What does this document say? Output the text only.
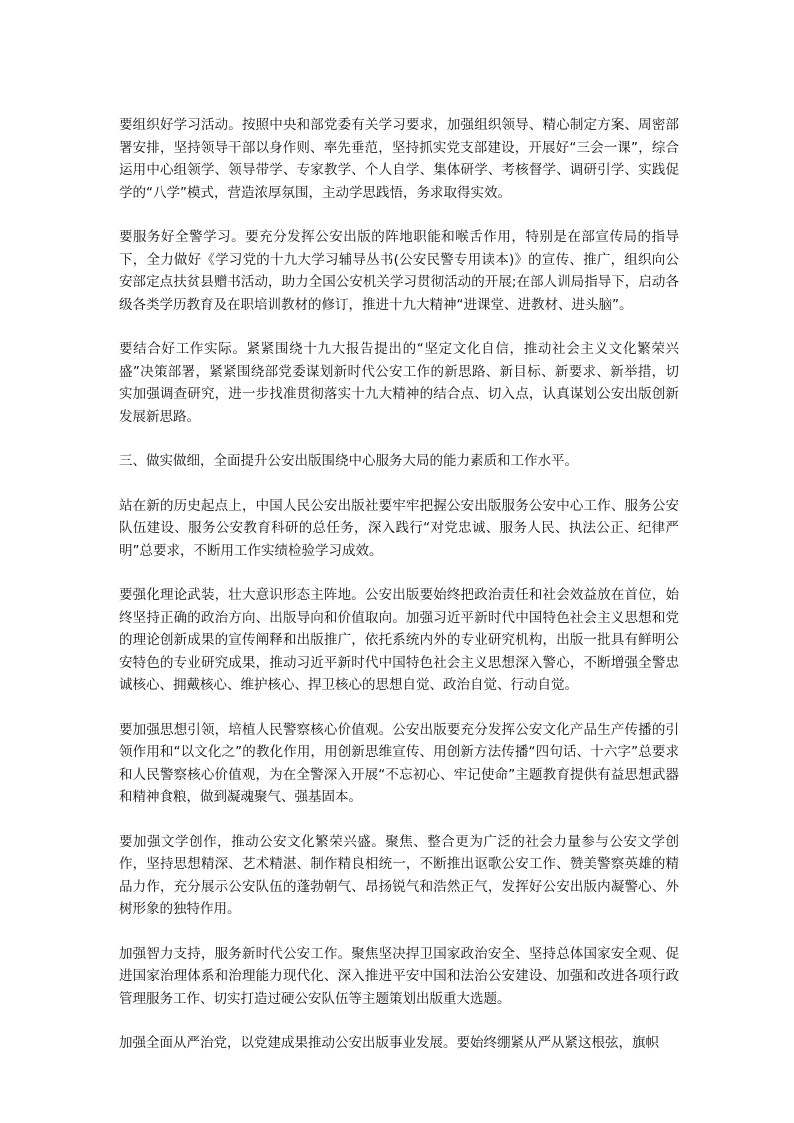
要组织好学习活动。按照中央和部党委有关学习要求，加强组织领导、精心制定方案、周密部署安排，坚持领导干部以身作则、率先垂范，坚持抓实党支部建设，开展好“三会一课”，综合运用中心组领学、领导带学、专家教学、个人自学、集体研学、考核督学、调研引学、实践促学的“八学”模式，营造浓厚氛围，主动学思践悟，务求取得实效。

要服务好全警学习。要充分发挥公安出版的阵地职能和喉舌作用，特别是在部宣传局的指导下，全力做好《学习党的十九大学习辅导丛书(公安民警专用读本)》的宣传、推广，组织向公安部定点扶贫县赠书活动，助力全国公安机关学习贯彻活动的开展;在部人训局指导下，启动各级各类学历教育及在职培训教材的修订，推进十九大精神“进课堂、进教材、进头脑”。

要结合好工作实际。紧紧围绕十九大报告提出的“坚定文化自信，推动社会主义文化繁荣兴盛”决策部署，紧紧围绕部党委谋划新时代公安工作的新思路、新目标、新要求、新举措，切实加强调查研究，进一步找准贯彻落实十九大精神的结合点、切入点，认真谋划公安出版创新发展新思路。

三、做实做细，全面提升公安出版围绕中心服务大局的能力素质和工作水平。

站在新的历史起点上，中国人民公安出版社要牢牢把握公安出版服务公安中心工作、服务公安队伍建设、服务公安教育科研的总任务，深入践行“对党忠诚、服务人民、执法公正、纪律严明”总要求，不断用工作实绩检验学习成效。

要强化理论武装，壮大意识形态主阵地。公安出版要始终把政治责任和社会效益放在首位，始终坚持正确的政治方向、出版导向和价值取向。加强习近平新时代中国特色社会主义思想和党的理论创新成果的宣传阐释和出版推广，依托系统内外的专业研究机构，出版一批具有鲜明公安特色的专业研究成果，推动习近平新时代中国特色社会主义思想深入警心，不断增强全警忠诚核心、拥戴核心、维护核心、捍卫核心的思想自觉、政治自觉、行动自觉。

要加强思想引领，培植人民警察核心价值观。公安出版要充分发挥公安文化产品生产传播的引领作用和“以文化之”的教化作用，用创新思维宣传、用创新方法传播“四句话、十六字”总要求和人民警察核心价值观，为在全警深入开展“不忘初心、牢记使命”主题教育提供有益思想武器和精神食粮，做到凝魂聚气、强基固本。

要加强文学创作，推动公安文化繁荣兴盛。聚焦、整合更为广泛的社会力量参与公安文学创作，坚持思想精深、艺术精湛、制作精良相统一，不断推出讴歌公安工作、赞美警察英雄的精品力作，充分展示公安队伍的蓬勃朝气、昂扬锐气和浩然正气，发挥好公安出版内凝警心、外树形象的独特作用。

加强智力支持，服务新时代公安工作。聚焦坚决捍卫国家政治安全、坚持总体国家安全观、促进国家治理体系和治理能力现代化、深入推进平安中国和法治公安建设、加强和改进各项行政管理服务工作、切实打造过硬公安队伍等主题策划出版重大选题。

加强全面从严治党，以党建成果推动公安出版事业发展。要始终绷紧从严从紧这根弦，旗帜
